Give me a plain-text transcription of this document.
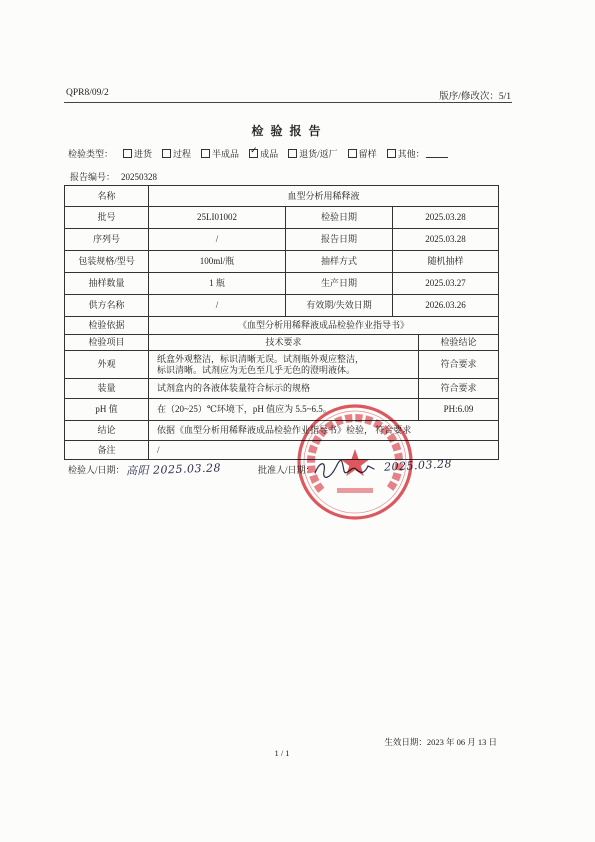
QPR8/09/2	版序/修改次：5/1
检 验 报 告
检验类型： 进货 过程 半成品 ✓ 成品 退货/返厂 留样 其他：
报告编号： 20250328
名称	血型分析用稀释液			
批号	25LI01002	检验日期	2025.03.28	
序列号	/	报告日期	2025.03.28	
包装规格/型号	100ml/瓶	抽样方式	随机抽样	
抽样数量	1 瓶	生产日期	2025.03.27	
供方名称	/	有效期/失效日期	2026.03.26	
检验依据	《血型分析用稀释液成品检验作业指导书》			
检验项目	技术要求			检验结论
外观	纸盒外观整洁，标识清晰无误。试剂瓶外观应整洁，
标识清晰。试剂应为无色至几乎无色的澄明液体。			符合要求
装量	试剂盒内的各液体装量符合标示的规格			符合要求
pH 值	在（20~25）℃环境下，pH 值应为 5.5~6.5。			PH:6.09
结论	依据《血型分析用稀释液成品检验作业指导书》检验， 符合要求			
备注	/			
检验人/日期： 高阳 2025.03.28	批准人/日期：	2025.03.28
生效日期：2023 年 06 月 13 日
1 / 1
